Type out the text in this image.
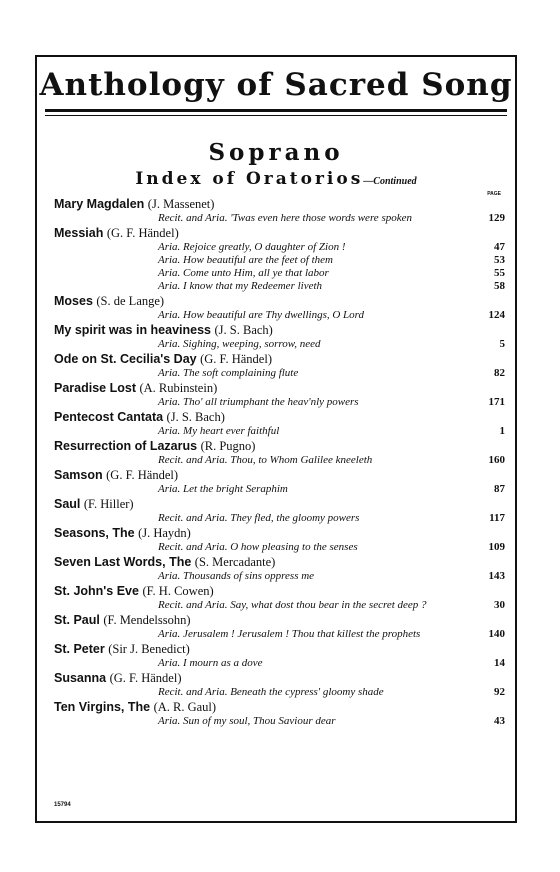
Anthology of Sacred Song
Soprano
Index of Oratorios—Continued
PAGE
Mary Magdalen (J. Massenet)
Recit. and Aria. 'Twas even here those words were spoken	129
Messiah (G. F. Händel)
Aria. Rejoice greatly, O daughter of Zion !	47
Aria. How beautiful are the feet of them	53
Aria. Come unto Him, all ye that labor	55
Aria. I know that my Redeemer liveth	58
Moses (S. de Lange)
Aria. How beautiful are Thy dwellings, O Lord	124
My spirit was in heaviness (J. S. Bach)
Aria. Sighing, weeping, sorrow, need	5
Ode on St. Cecilia's Day (G. F. Händel)
Aria. The soft complaining flute	82
Paradise Lost (A. Rubinstein)
Aria. Tho' all triumphant the heav'nly powers	171
Pentecost Cantata (J. S. Bach)
Aria. My heart ever faithful	1
Resurrection of Lazarus (R. Pugno)
Recit. and Aria. Thou, to Whom Galilee kneeleth	160
Samson (G. F. Händel)
Aria. Let the bright Seraphim	87
Saul (F. Hiller)
Recit. and Aria. They fled, the gloomy powers	117
Seasons, The (J. Haydn)
Recit. and Aria. O how pleasing to the senses	109
Seven Last Words, The (S. Mercadante)
Aria. Thousands of sins oppress me	143
St. John's Eve (F. H. Cowen)
Recit. and Aria. Say, what dost thou bear in the secret deep ?	30
St. Paul (F. Mendelssohn)
Aria. Jerusalem ! Jerusalem ! Thou that killest the prophets	140
St. Peter (Sir J. Benedict)
Aria. I mourn as a dove	14
Susanna (G. F. Händel)
Recit. and Aria. Beneath the cypress' gloomy shade	92
Ten Virgins, The (A. R. Gaul)
Aria. Sun of my soul, Thou Saviour dear	43
15794
